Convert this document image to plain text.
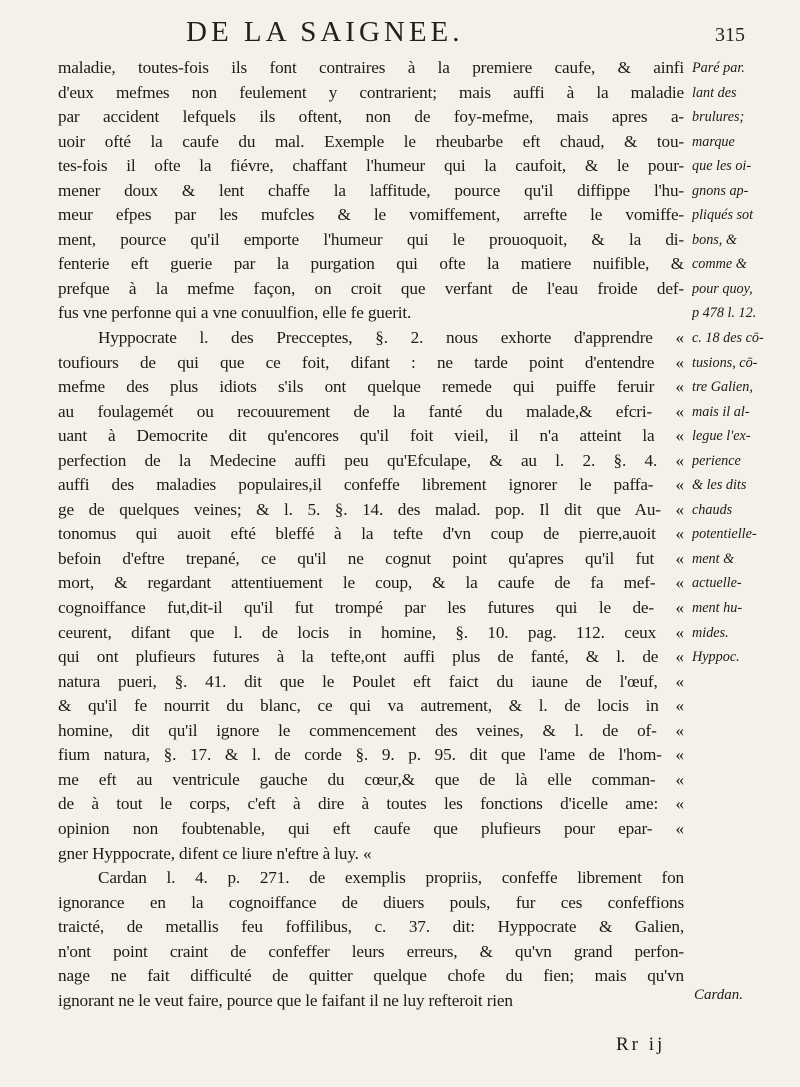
DE LA SAIGNEE.	315
maladie, toutes-fois ils font contraires à la premiere caufe, & ainfi
d'eux mefmes non feulement y contrarient; mais auffi à la maladie
par accident lefquels ils oftent, non de foy-mefme, mais apres a-
uoir ofté la caufe du mal. Exemple le rheubarbe eft chaud, & tou-
tes-fois il ofte la fiévre, chaffant l'humeur qui la caufoit, & le pour-
mener doux & lent chaffe la laffitude, pource qu'il diffippe l'hu-
meur efpes par les mufcles & le vomiffement, arrefte le vomiffe-
ment, pource qu'il emporte l'humeur qui le prouoquoit, & la di-
fenterie eft guerie par la purgation qui ofte la matiere nuifible, &
prefque à la mefme façon, on croit que verfant de l'eau froide def-
fus vne perfonne qui a vne conuulfion, elle fe guerit.
Hyppocrate l. des Precceptes, §. 2. nous exhorte d'apprendre «
toufiours de qui que ce foit, difant : ne tarde point d'entendre «
mefme des plus idiots s'ils ont quelque remede qui puiffe feruir «
au foulagemét ou recouurement de la fanté du malade,& efcri- «
uant à Democrite dit qu'encores qu'il foit vieil, il n'a atteint la «
perfection de la Medecine auffi peu qu'Efculape, & au l. 2. §. 4. «
auffi des maladies populaires,il confeffe librement ignorer le paffa- «
ge de quelques veines; & l. 5. §. 14. des malad. pop. Il dit que Au- «
tonomus qui auoit efté bleffé à la tefte d'vn coup de pierre,auoit «
befoin d'eftre trepané, ce qu'il ne cognut point qu'apres qu'il fut «
mort, & regardant attentiuement le coup, & la caufe de fa mef- «
cognoiffance fut,dit-il qu'il fut trompé par les futures qui le de- «
ceurent, difant que l. de locis in homine, §. 10. pag. 112. ceux «
qui ont plufieurs futures à la tefte,ont auffi plus de fanté, & l. de «
natura pueri, §. 41. dit que le Poulet eft faict du iaune de l'œuf, «
& qu'il fe nourrit du blanc, ce qui va autrement, & l. de locis in «
homine, dit qu'il ignore le commencement des veines, & l. de of- «
fium natura, §. 17. & l. de corde §. 9. p. 95. dit que l'ame de l'hom- «
me eft au ventricule gauche du cœur,& que de là elle comman- «
de à tout le corps, c'eft à dire à toutes les fonctions d'icelle ame: «
opinion non foubtenable, qui eft caufe que plufieurs pour epar- «
gner Hyppocrate, difent ce liure n'eftre à luy. «
Cardan l. 4. p. 271. de exemplis propriis, confeffe librement fon
ignorance en la cognoiffance de diuers pouls, fur ces confeffions
traicté, de metallis feu foffilibus, c. 37. dit: Hyppocrate & Galien,
n'ont point craint de confeffer leurs erreurs, & qu'vn grand perfon-
nage ne fait difficulté de quitter quelque chofe du fien; mais qu'vn
ignorant ne le veut faire, pource que le faifant il ne luy refteroit rien
Paré par.
lant des
brulures;
marque
que les oi-
gnons ap-
pliqués sot
bons, &
comme &
pour quoy,
p 478 l. 12.
c. 18 des cō-
tusions, cō-
tre Galien,
mais il al-
legue l'ex-
perience
& les dits
chauds
potentielle-
ment &
actuelle-
ment hu-
mides.
Hyppoc.
Cardan.
Rr ij
